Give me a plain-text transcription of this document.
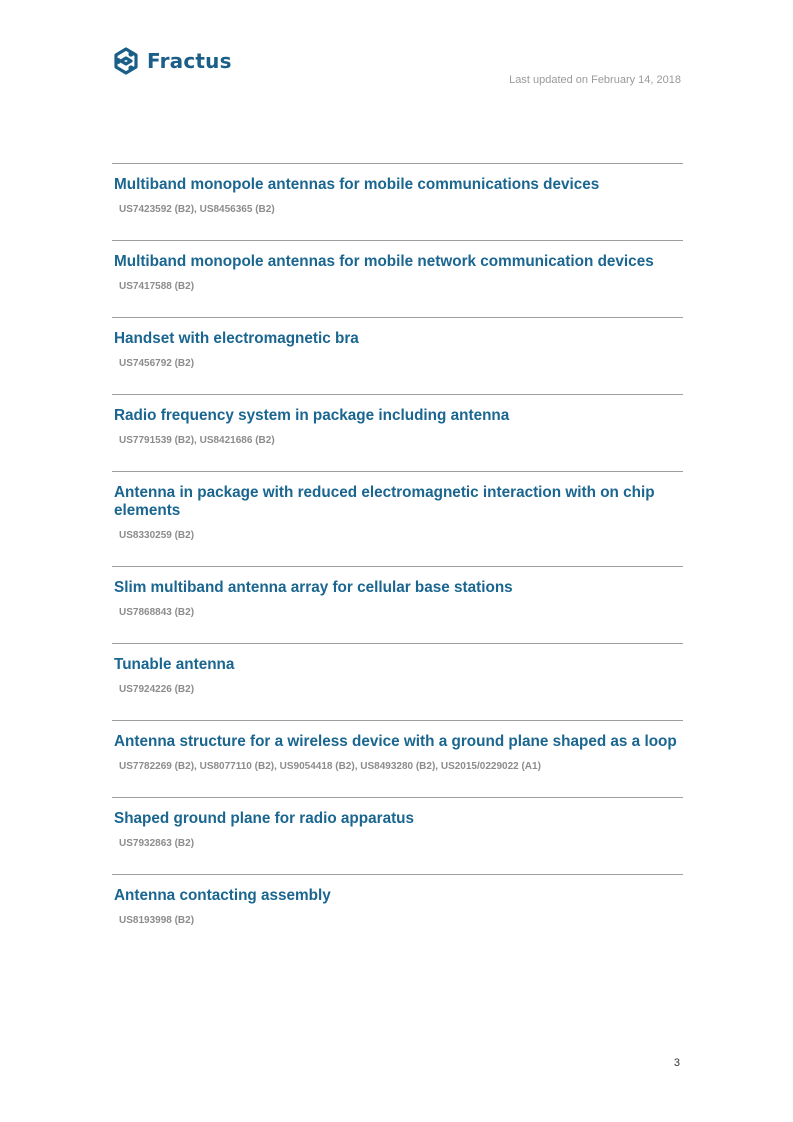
Fractus
Last updated on February 14, 2018
Multiband monopole antennas for mobile communications devices
US7423592 (B2), US8456365 (B2)
Multiband monopole antennas for mobile network communication devices
US7417588 (B2)
Handset with electromagnetic bra
US7456792 (B2)
Radio frequency system in package including antenna
US7791539 (B2), US8421686 (B2)
Antenna in package with reduced electromagnetic interaction with on chip elements
US8330259 (B2)
Slim multiband antenna array for cellular base stations
US7868843 (B2)
Tunable antenna
US7924226 (B2)
Antenna structure for a wireless device with a ground plane shaped as a loop
US7782269 (B2), US8077110 (B2), US9054418 (B2), US8493280 (B2), US2015/0229022 (A1)
Shaped ground plane for radio apparatus
US7932863 (B2)
Antenna contacting assembly
US8193998 (B2)
3
